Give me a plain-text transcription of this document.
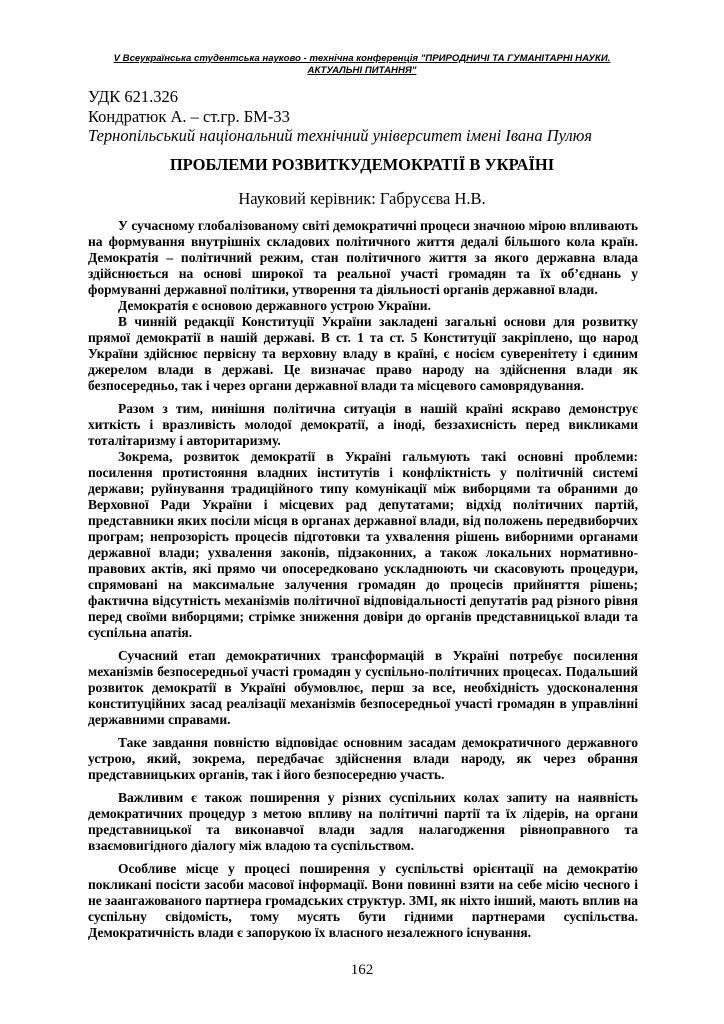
V Всеукраїнська студентська науково - технічна конференція "ПРИРОДНИЧІ ТА ГУМАНІТАРНІ НАУКИ.
АКТУАЛЬНІ ПИТАННЯ"
УДК 621.326
Кондратюк А. – ст.гр. БМ-33
Тернопільський національний технічний університет імені Івана Пулюя
ПРОБЛЕМИ РОЗВИТКУДЕМОКРАТІЇ В УКРАЇНІ
Науковий керівник: Габрусєва Н.В.

У сучасному глобалізованому світі демократичні процеси значною мірою впливають на формування внутрішніх складових політичного життя дедалі більшого кола країн. Демократія – політичний режим, стан політичного життя за якого державна влада здійснюється на основі широкої та реальної участі громадян та їх об’єднань у формуванні державної політики, утворення та діяльності органів державної влади.

Демократія є основою державного устрою України.

В чинній редакції Конституції України закладені загальні основи для розвитку прямої демократії в нашій державі. В ст. 1 та ст. 5 Конституції закріплено, що народ України здійснює первісну та верховну владу в країні, є носієм суверенітету і єдиним джерелом влади в державі. Це визначає право народу на здійснення влади як безпосередньо, так і через органи державної влади та місцевого самоврядування.

Разом з тим, нинішня політична ситуація в нашій країні яскраво демонструє хиткість і вразливість молодої демократії, а іноді, беззахисність перед викликами тоталітаризму і авторитаризму.

Зокрема, розвиток демократії в Україні гальмують такі основні проблеми: посилення протистояння владних інститутів і конфліктність у політичній системі держави; руйнування традиційного типу комунікації між виборцями та обраними до Верховної Ради України і місцевих рад депутатами; відхід політичних партій, представники яких посіли місця в органах державної влади, від положень передвиборчих програм; непрозорість процесів підготовки та ухвалення рішень виборними органами державної влади; ухвалення законів, підзаконних, а також локальних нормативно-правових актів, які прямо чи опосередковано ускладнюють чи скасовують процедури, спрямовані на максимальне залучення громадян до процесів прийняття рішень; фактична відсутність механізмів політичної відповідальності депутатів рад різного рівня перед своїми виборцями; стрімке зниження довіри до органів представницької влади та суспільна апатія.

Сучасний етап демократичних трансформацій в Україні потребує посилення механізмів безпосередньої участі громадян у суспільно-політичних процесах. Подальший розвиток демократії в Україні обумовлює, перш за все, необхідність удосконалення конституційних засад реалізації механізмів безпосередньої участі громадян в управлінні державними справами.

Таке завдання повністю відповідає основним засадам демократичного державного устрою, який, зокрема, передбачає здійснення влади народу, як через обрання представницьких органів, так і його безпосередню участь.

Важливим є також поширення у різних суспільних колах запиту на наявність демократичних процедур з метою впливу на політичні партії та їх лідерів, на органи представницької та виконавчої влади задля налагодження рівноправного та взаємовигідного діалогу між владою та суспільством.

Особливе місце у процесі поширення у суспільстві орієнтації на демократію покликані посісти засоби масової інформації. Вони повинні взяти на себе місію чесного і не заангажованого партнера громадських структур. ЗМІ, як ніхто інший, мають вплив на суспільну свідомість, тому мусять бути гідними партнерами суспільства. Демократичність влади є запорукою їх власного незалежного існування.

162
